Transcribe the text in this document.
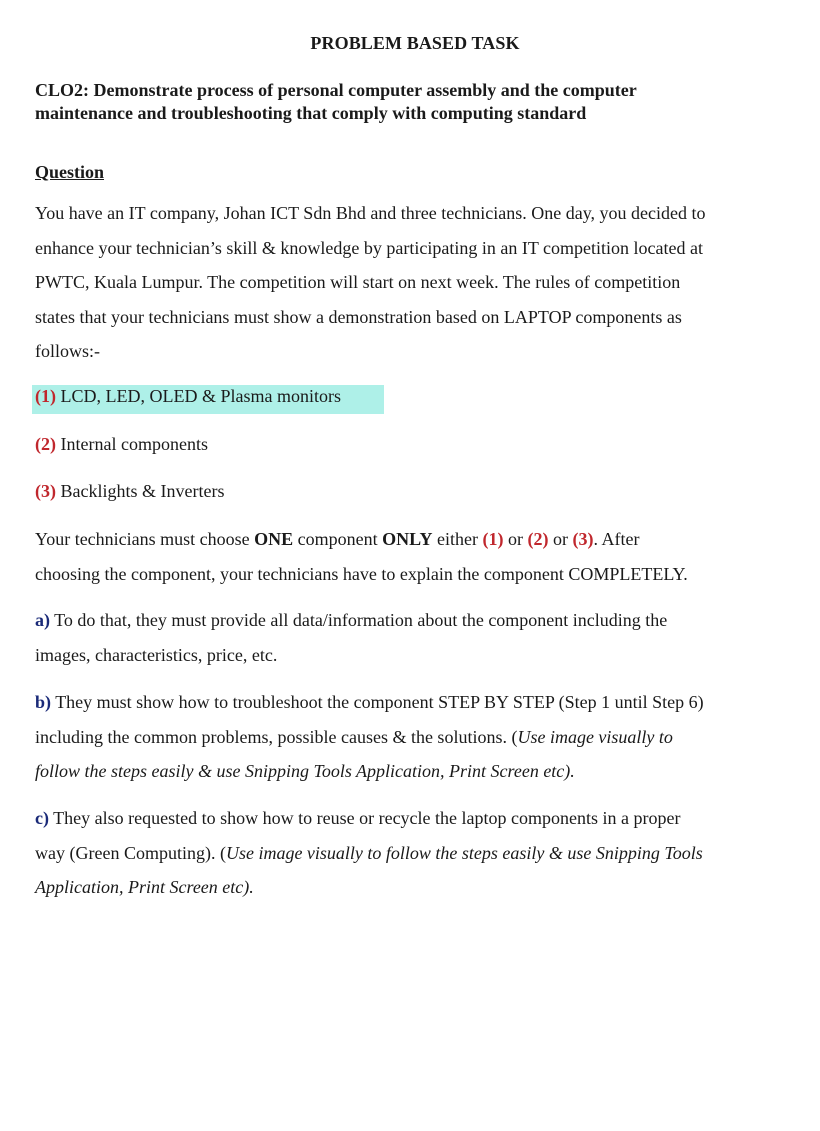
PROBLEM BASED TASK
CLO2: Demonstrate process of personal computer assembly and the computer
maintenance and troubleshooting that comply with computing standard
Question
You have an IT company, Johan ICT Sdn Bhd and three technicians. One day, you decided to
enhance your technician’s skill & knowledge by participating in an IT competition located at
PWTC, Kuala Lumpur. The competition will start on next week. The rules of competition
states that your technicians must show a demonstration based on LAPTOP components as
follows:-
(1) LCD, LED, OLED & Plasma monitors
(2) Internal components
(3) Backlights & Inverters
Your technicians must choose ONE component ONLY either (1) or (2) or (3). After
choosing the component, your technicians have to explain the component COMPLETELY.
a) To do that, they must provide all data/information about the component including the
images, characteristics, price, etc.
b) They must show how to troubleshoot the component STEP BY STEP (Step 1 until Step 6)
including the common problems, possible causes & the solutions. (Use image visually to
follow the steps easily & use Snipping Tools Application, Print Screen etc).
c) They also requested to show how to reuse or recycle the laptop components in a proper
way (Green Computing). (Use image visually to follow the steps easily & use Snipping Tools
Application, Print Screen etc).
